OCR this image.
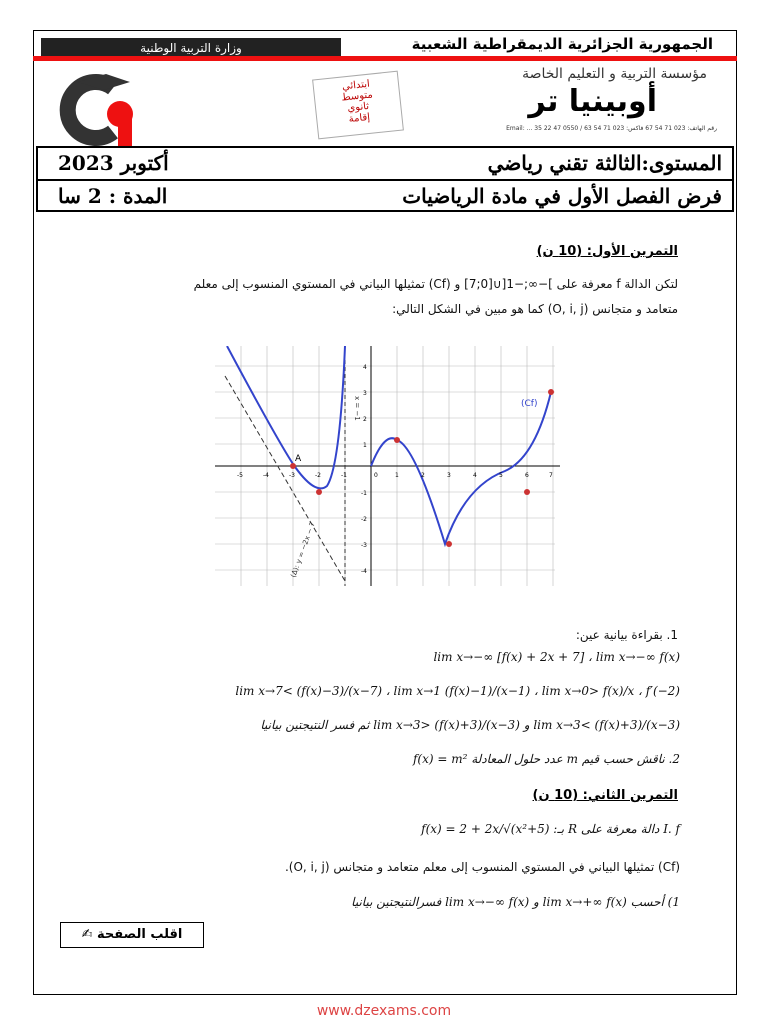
وزارة التربية الوطنية	الجمهورية الجزائرية الديمقراطية الشعبية
مؤسسة التربية و التعليم الخاصة
أوبينيا تر
ابتدائي
متوسط
ثانوي
إقامة
Email: ... رقم الهاتف: 023 71 54 67 فاكس: 023 71 54 63 / 0550 47 22 35
المستوى:الثالثة تقني رياضي
أكتوبر 2023
فرض الفصل الأول في مادة الرياضيات
المدة : 2 سا
التمرين الأول: (10 ن)
لتكن الدالة f معرفة على ]−∞;−1[∪[0;7] و (Cf) تمثيلها البياني في المستوي المنسوب إلى معلم
متعامد و متجانس (O, i, j) كما هو مبين في الشكل التالي:
(Cf)
A
(Δ): y = −2x − 7
x = −1
-5	-4	-3	-2	-1	0	1	2	3	4	5	6	7
4
3
2
1
-1
-2
-3
-4
1. بقراءة بيانية عين:
lim x→−∞ [f(x) + 2x + 7] ، lim x→−∞ f(x)
lim x→7< (f(x)−3)/(x−7) ، lim x→1 (f(x)−1)/(x−1) ، lim x→0> f(x)/x ، f′(−2)
lim x→3< (f(x)+3)/(x−3) و lim x→3> (f(x)+3)/(x−3) ثم فسر النتيجتين بيانيا
2. ناقش حسب قيم m عدد حلول المعادلة f(x) = m²
التمرين الثاني: (10 ن)
I. f دالة معرفة على R بـ: f(x) = 2 + 2x/√(x²+5)
(Cf) تمثيلها البياني في المستوي المنسوب إلى معلم متعامد و متجانس (O, i, j).
1) أحسب lim x→+∞ f(x) و lim x→−∞ f(x) فسرالنتيجتين بيانيا
اقلب الصفحة ✍
www.dzexams.com
